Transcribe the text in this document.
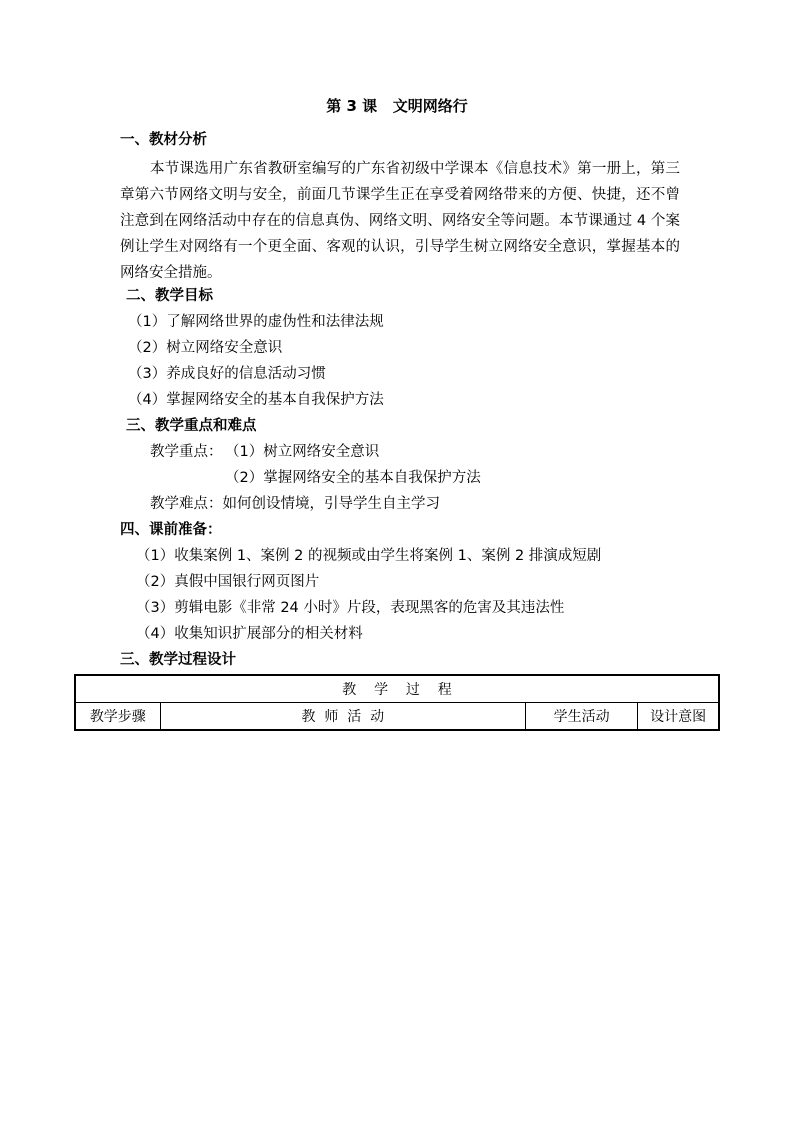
第 3 课   文明网络行
一、教材分析
本节课选用广东省教研室编写的广东省初级中学课本《信息技术》第一册上，第三章第六节网络文明与安全，前面几节课学生正在享受着网络带来的方便、快捷，还不曾注意到在网络活动中存在的信息真伪、网络文明、网络安全等问题。本节课通过 4 个案例让学生对网络有一个更全面、客观的认识，引导学生树立网络安全意识，掌握基本的网络安全措施。
二、教学目标
（1）了解网络世界的虚伪性和法律法规
（2）树立网络安全意识
（3）养成良好的信息活动习惯
（4）掌握网络安全的基本自我保护方法
三、教学重点和难点
教学重点： （1）树立网络安全意识
（2）掌握网络安全的基本自我保护方法
教学难点：如何创设情境，引导学生自主学习
四、课前准备：
（1）收集案例 1、案例 2 的视频或由学生将案例 1、案例 2 排演成短剧
（2）真假中国银行网页图片
（3）剪辑电影《非常 24 小时》片段，表现黑客的危害及其违法性
（4）收集知识扩展部分的相关材料
三、教学过程设计
教    学    过    程
教学步骤	教  师  活  动	学生活动	设计意图
